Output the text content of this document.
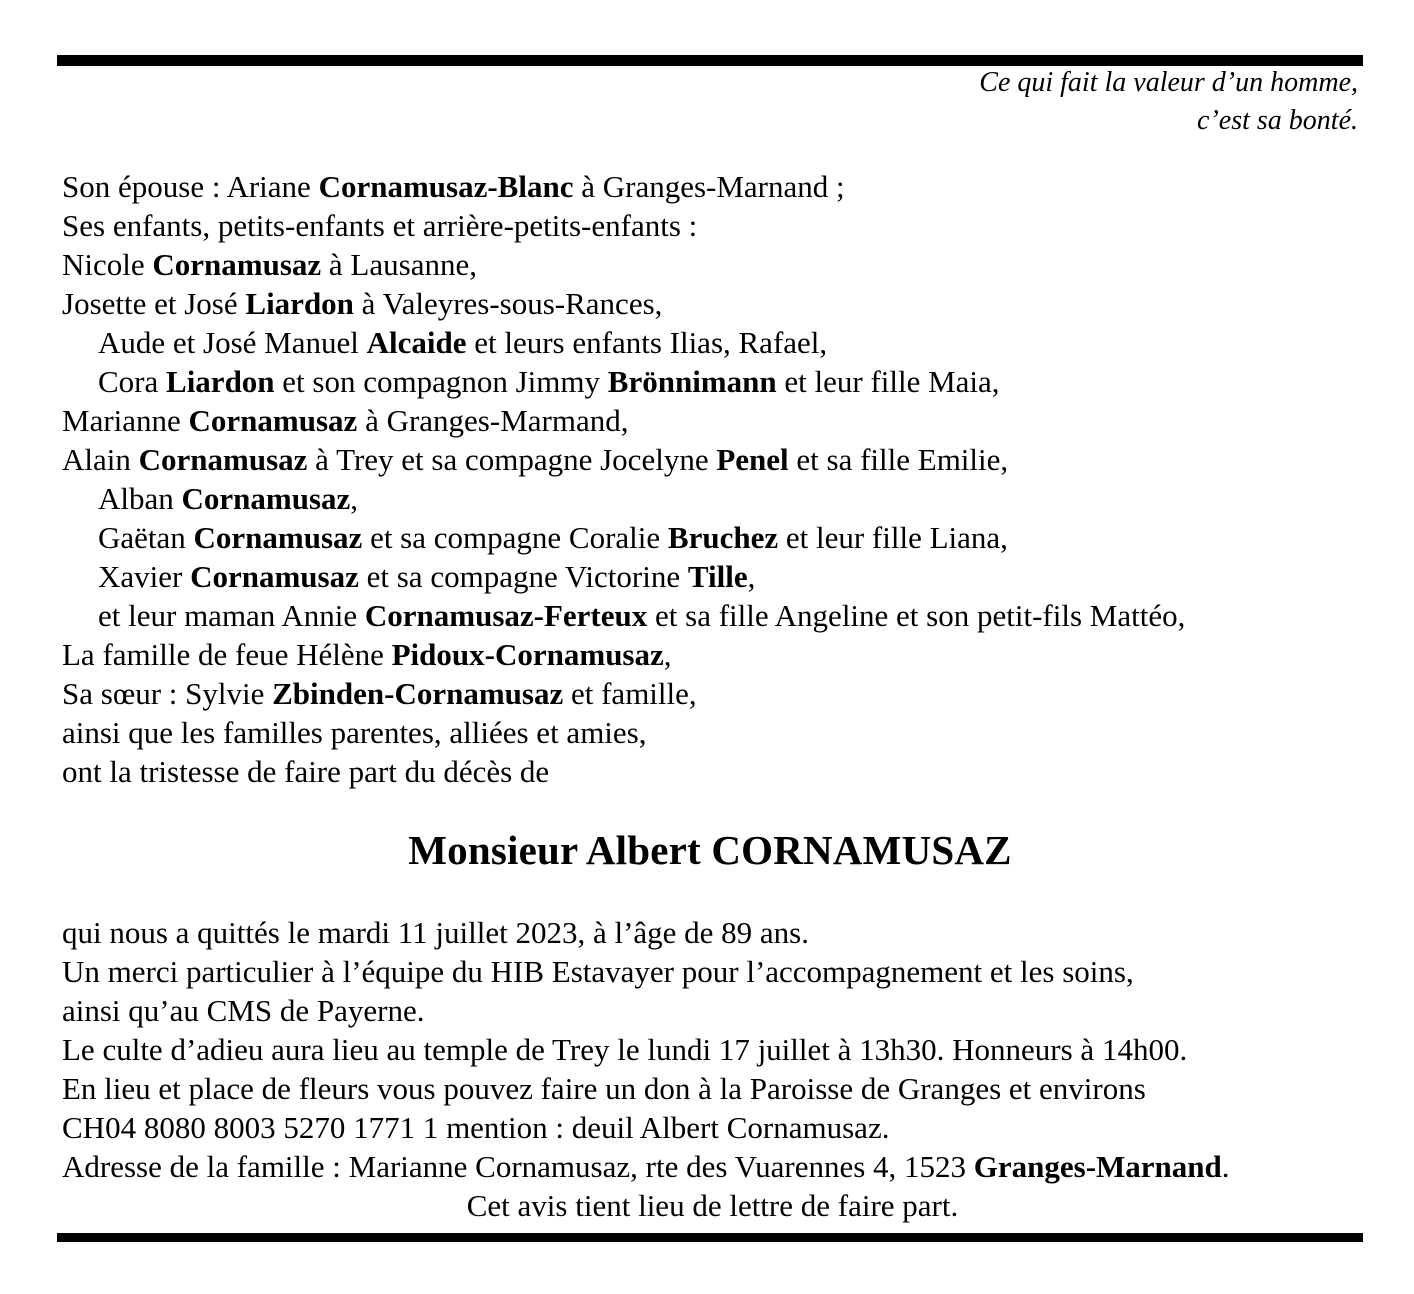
Ce qui fait la valeur d’un homme,
c’est sa bonté.
Son épouse : Ariane Cornamusaz-Blanc à Granges-Marnand ;
Ses enfants, petits-enfants et arrière-petits-enfants :
Nicole Cornamusaz à Lausanne,
Josette et José Liardon à Valeyres-sous-Rances,
Aude et José Manuel Alcaide et leurs enfants Ilias, Rafael,
Cora Liardon et son compagnon Jimmy Brönnimann et leur fille Maia,
Marianne Cornamusaz à Granges-Marmand,
Alain Cornamusaz à Trey et sa compagne Jocelyne Penel et sa fille Emilie,
Alban Cornamusaz,
Gaëtan Cornamusaz et sa compagne Coralie Bruchez et leur fille Liana,
Xavier Cornamusaz et sa compagne Victorine Tille,
et leur maman Annie Cornamusaz-Ferteux et sa fille Angeline et son petit-fils Mattéo,
La famille de feue Hélène Pidoux-Cornamusaz,
Sa sœur : Sylvie Zbinden-Cornamusaz et famille,
ainsi que les familles parentes, alliées et amies,
ont la tristesse de faire part du décès de
Monsieur Albert CORNAMUSAZ
qui nous a quittés le mardi 11 juillet 2023, à l’âge de 89 ans.
Un merci particulier à l’équipe du HIB Estavayer pour l’accompagnement et les soins,
ainsi qu’au CMS de Payerne.
Le culte d’adieu aura lieu au temple de Trey le lundi 17 juillet à 13h30. Honneurs à 14h00.
En lieu et place de fleurs vous pouvez faire un don à la Paroisse de Granges et environs
CH04 8080 8003 5270 1771 1 mention : deuil Albert Cornamusaz.
Adresse de la famille : Marianne Cornamusaz, rte des Vuarennes 4, 1523 Granges-Marnand.
Cet avis tient lieu de lettre de faire part.
